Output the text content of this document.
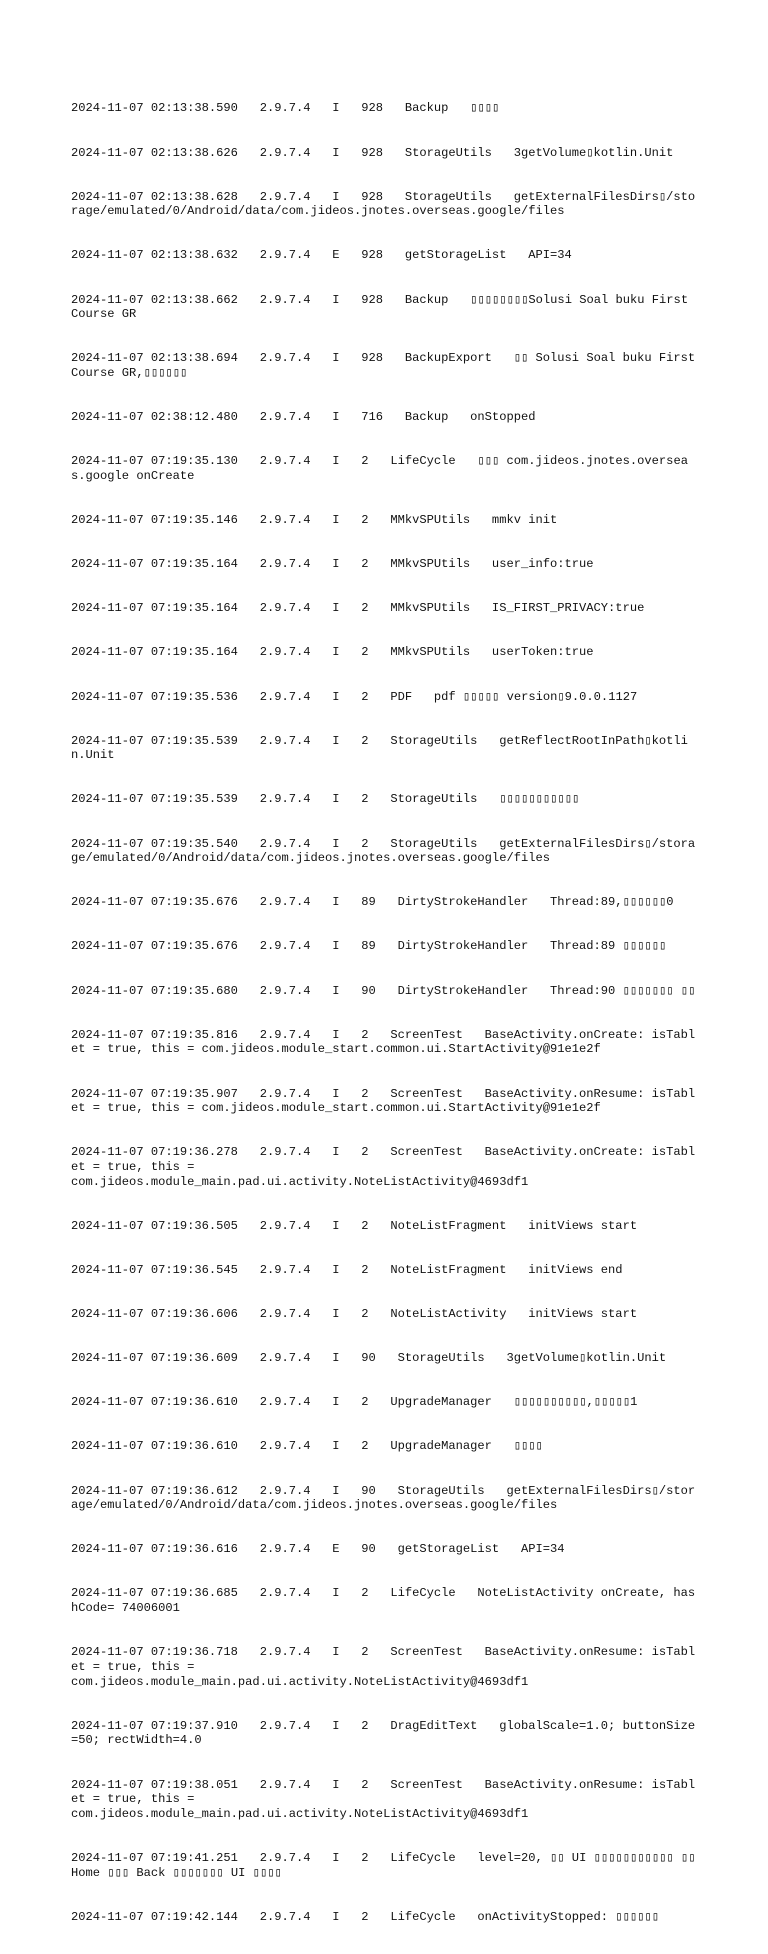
2024-11-07 02:13:38.590   2.9.7.4   I   928   Backup   ▯▯▯▯

2024-11-07 02:13:38.626   2.9.7.4   I   928   StorageUtils   3getVolume▯kotlin.Unit

2024-11-07 02:13:38.628   2.9.7.4   I   928   StorageUtils   getExternalFilesDirs▯/storage/emulated/0/Android/data/com.jideos.jnotes.overseas.google/files

2024-11-07 02:13:38.632   2.9.7.4   E   928   getStorageList   API=34

2024-11-07 02:13:38.662   2.9.7.4   I   928   Backup   ▯▯▯▯▯▯▯▯Solusi Soal buku First Course GR

2024-11-07 02:13:38.694   2.9.7.4   I   928   BackupExport   ▯▯ Solusi Soal buku First Course GR,▯▯▯▯▯▯

2024-11-07 02:38:12.480   2.9.7.4   I   716   Backup   onStopped

2024-11-07 07:19:35.130   2.9.7.4   I   2   LifeCycle   ▯▯▯ com.jideos.jnotes.overseas.google onCreate

2024-11-07 07:19:35.146   2.9.7.4   I   2   MMkvSPUtils   mmkv init

2024-11-07 07:19:35.164   2.9.7.4   I   2   MMkvSPUtils   user_info:true

2024-11-07 07:19:35.164   2.9.7.4   I   2   MMkvSPUtils   IS_FIRST_PRIVACY:true

2024-11-07 07:19:35.164   2.9.7.4   I   2   MMkvSPUtils   userToken:true

2024-11-07 07:19:35.536   2.9.7.4   I   2   PDF   pdf ▯▯▯▯▯ version▯9.0.0.1127

2024-11-07 07:19:35.539   2.9.7.4   I   2   StorageUtils   getReflectRootInPath▯kotlin.Unit

2024-11-07 07:19:35.539   2.9.7.4   I   2   StorageUtils   ▯▯▯▯▯▯▯▯▯▯▯

2024-11-07 07:19:35.540   2.9.7.4   I   2   StorageUtils   getExternalFilesDirs▯/storage/emulated/0/Android/data/com.jideos.jnotes.overseas.google/files

2024-11-07 07:19:35.676   2.9.7.4   I   89   DirtyStrokeHandler   Thread:89,▯▯▯▯▯▯0

2024-11-07 07:19:35.676   2.9.7.4   I   89   DirtyStrokeHandler   Thread:89 ▯▯▯▯▯▯

2024-11-07 07:19:35.680   2.9.7.4   I   90   DirtyStrokeHandler   Thread:90 ▯▯▯▯▯▯▯ ▯▯

2024-11-07 07:19:35.816   2.9.7.4   I   2   ScreenTest   BaseActivity.onCreate: isTablet = true, this = com.jideos.module_start.common.ui.StartActivity@91e1e2f

2024-11-07 07:19:35.907   2.9.7.4   I   2   ScreenTest   BaseActivity.onResume: isTablet = true, this = com.jideos.module_start.common.ui.StartActivity@91e1e2f

2024-11-07 07:19:36.278   2.9.7.4   I   2   ScreenTest   BaseActivity.onCreate: isTablet = true, this =
com.jideos.module_main.pad.ui.activity.NoteListActivity@4693df1

2024-11-07 07:19:36.505   2.9.7.4   I   2   NoteListFragment   initViews start

2024-11-07 07:19:36.545   2.9.7.4   I   2   NoteListFragment   initViews end

2024-11-07 07:19:36.606   2.9.7.4   I   2   NoteListActivity   initViews start

2024-11-07 07:19:36.609   2.9.7.4   I   90   StorageUtils   3getVolume▯kotlin.Unit

2024-11-07 07:19:36.610   2.9.7.4   I   2   UpgradeManager   ▯▯▯▯▯▯▯▯▯▯,▯▯▯▯▯1

2024-11-07 07:19:36.610   2.9.7.4   I   2   UpgradeManager   ▯▯▯▯

2024-11-07 07:19:36.612   2.9.7.4   I   90   StorageUtils   getExternalFilesDirs▯/storage/emulated/0/Android/data/com.jideos.jnotes.overseas.google/files

2024-11-07 07:19:36.616   2.9.7.4   E   90   getStorageList   API=34

2024-11-07 07:19:36.685   2.9.7.4   I   2   LifeCycle   NoteListActivity onCreate, hashCode= 74006001

2024-11-07 07:19:36.718   2.9.7.4   I   2   ScreenTest   BaseActivity.onResume: isTablet = true, this =
com.jideos.module_main.pad.ui.activity.NoteListActivity@4693df1

2024-11-07 07:19:37.910   2.9.7.4   I   2   DragEditText   globalScale=1.0; buttonSize=50; rectWidth=4.0

2024-11-07 07:19:38.051   2.9.7.4   I   2   ScreenTest   BaseActivity.onResume: isTablet = true, this =
com.jideos.module_main.pad.ui.activity.NoteListActivity@4693df1

2024-11-07 07:19:41.251   2.9.7.4   I   2   LifeCycle   level=20, ▯▯ UI ▯▯▯▯▯▯▯▯▯▯▯ ▯▯ Home ▯▯▯ Back ▯▯▯▯▯▯▯ UI ▯▯▯▯

2024-11-07 07:19:42.144   2.9.7.4   I   2   LifeCycle   onActivityStopped: ▯▯▯▯▯▯
